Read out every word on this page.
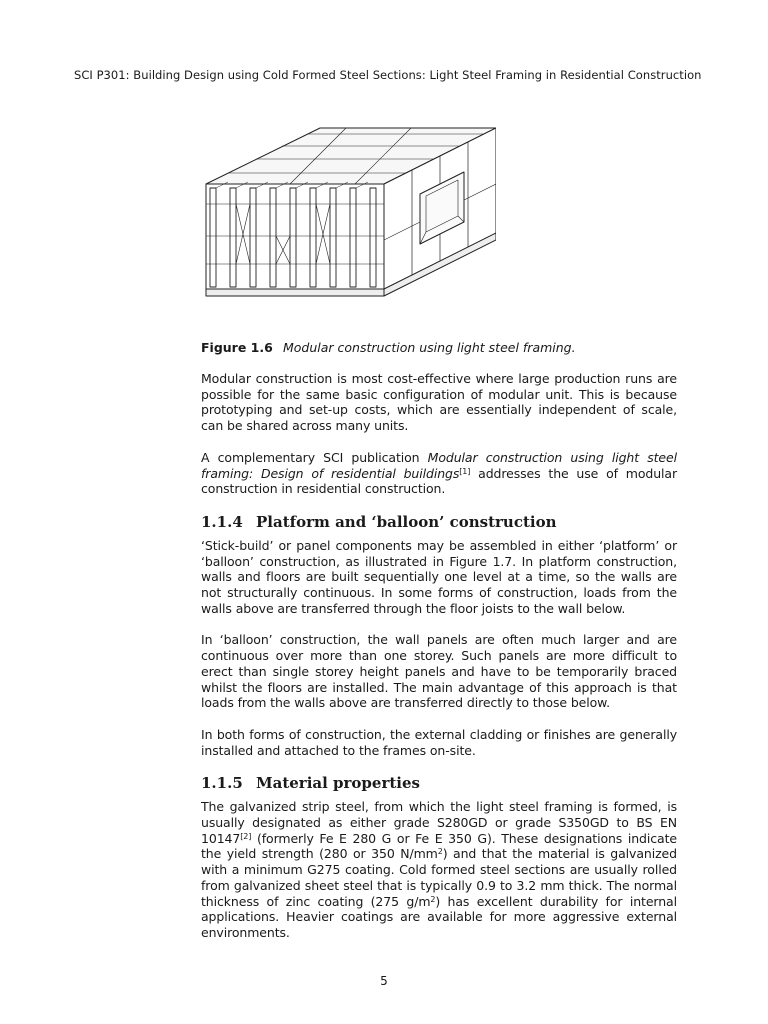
SCI P301: Building Design using Cold Formed Steel Sections: Light Steel Framing in Residential Construction
Figure 1.6 Modular construction using light steel framing.

Modular construction is most cost-effective where large production runs are possible for the same basic configuration of modular unit. This is because prototyping and set-up costs, which are essentially independent of scale, can be shared across many units.

A complementary SCI publication Modular construction using light steel framing: Design of residential buildings[1] addresses the use of modular construction in residential construction.

1.1.4 Platform and ‘balloon’ construction

‘Stick-build’ or panel components may be assembled in either ‘platform’ or ‘balloon’ construction, as illustrated in Figure 1.7. In platform construction, walls and floors are built sequentially one level at a time, so the walls are not structurally continuous. In some forms of construction, loads from the walls above are transferred through the floor joists to the wall below.

In ‘balloon’ construction, the wall panels are often much larger and are continuous over more than one storey. Such panels are more difficult to erect than single storey height panels and have to be temporarily braced whilst the floors are installed. The main advantage of this approach is that loads from the walls above are transferred directly to those below.

In both forms of construction, the external cladding or finishes are generally installed and attached to the frames on-site.

1.1.5 Material properties

The galvanized strip steel, from which the light steel framing is formed, is usually designated as either grade S280GD or grade S350GD to BS EN 10147[2] (formerly Fe E 280 G or Fe E 350 G). These designations indicate the yield strength (280 or 350 $N/mm^2$) and that the material is galvanized with a minimum G275 coating. Cold formed steel sections are usually rolled from galvanized sheet steel that is typically 0.9 to 3.2 mm thick. The normal thickness of zinc coating (275 $g/m^2$) has excellent durability for internal applications. Heavier coatings are available for more aggressive external environments.

5
